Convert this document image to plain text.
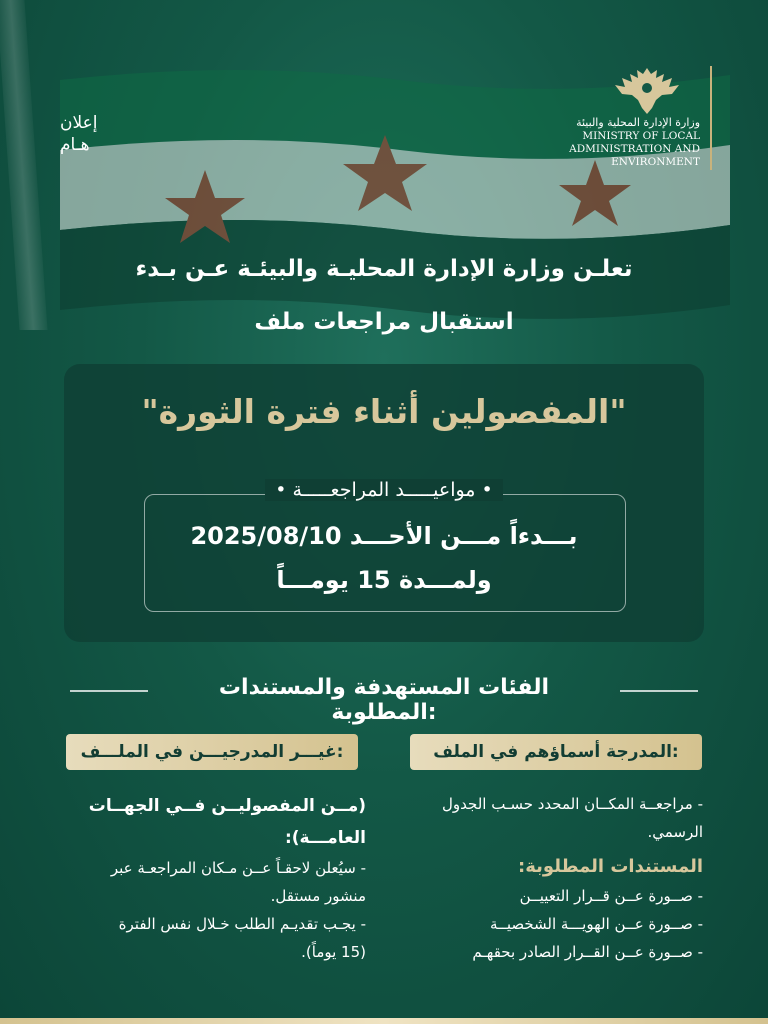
إعلان
هـام
وزارة الإدارة المحلية والبيئة
MINISTRY OF LOCAL
ADMINISTRATION AND
ENVIRONMENT
تعلـن وزارة الإدارة المحليـة والبيئـة عـن بـدء
استقبال مراجعات ملف
"المفصولين أثناء فترة الثورة"
• مواعيـــــد المراجعـــــة •
بـــدءاً مـــن الأحـــد 2025/08/10
ولمـــدة 15 يومـــاً
الفئات المستهدفة والمستندات المطلوبة:
المدرجة أسماؤهم في الملف:
غيـــر المدرجيـــن في الملـــف:
- مراجعــة المكــان المحدد حسـب الجدول
الرسمي.
المستندات المطلوبة:
- صــورة عــن قــرار التعييــن
- صــورة عــن الهويـــة الشخصيــة
- صــورة عــن القــرار الصادر بحقهـم
(مــن المفصوليــن فــي الجهــات
العامـــة):
- سيُعلن لاحقـاً عــن مـكان المراجعـة عبر
منشور مستقل.
- يجـب تقديـم الطلب خـلال نفس الفترة
(15 يوماً).
